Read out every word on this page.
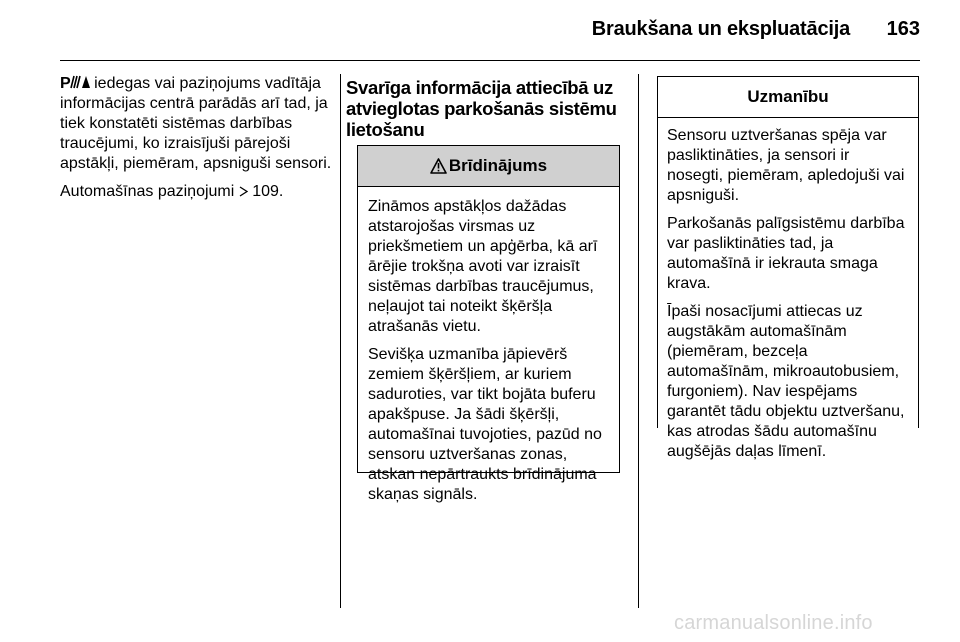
Braukšana un ekspluatācija	163

P iedegas vai paziņojums vadītāja informācijas centrā parādās arī tad, ja tiek konstatēti sistēmas darbības traucējumi, ko izraisījuši pārejoši apstākļi, piemēram, apsniguši sensori.

Automašīnas paziņojumi  109.

Svarīga informācija attiecībā uz atvieglotas parkošanās sistēmu lietošanu
Brīdinājums

Zināmos apstākļos dažādas atstarojošas virsmas uz priekšmetiem un apģērba, kā arī ārējie trokšņa avoti var izraisīt sistēmas darbības traucējumus, neļaujot tai noteikt šķēršļa atrašanās vietu.

Sevišķa uzmanība jāpievērš zemiem šķēršļiem, ar kuriem saduroties, var tikt bojāta buferu apakšpuse. Ja šādi šķēršļi, automašīnai tuvojoties, pazūd no sensoru uztveršanas zonas, atskan nepārtraukts brīdinājuma skaņas signāls.

Uzmanību

Sensoru uztveršanas spēja var pasliktināties, ja sensori ir nosegti, piemēram, apledojuši vai apsniguši.

Parkošanās palīgsistēmu darbība var pasliktināties tad, ja automašīnā ir iekrauta smaga krava.

Īpaši nosacījumi attiecas uz augstākām automašīnām (piemēram, bezceļa automašīnām, mikroautobusiem, furgoniem). Nav iespējams garantēt tādu objektu uztveršanu, kas atrodas šādu automašīnu augšējās daļas līmenī.

carmanualsonline.info
